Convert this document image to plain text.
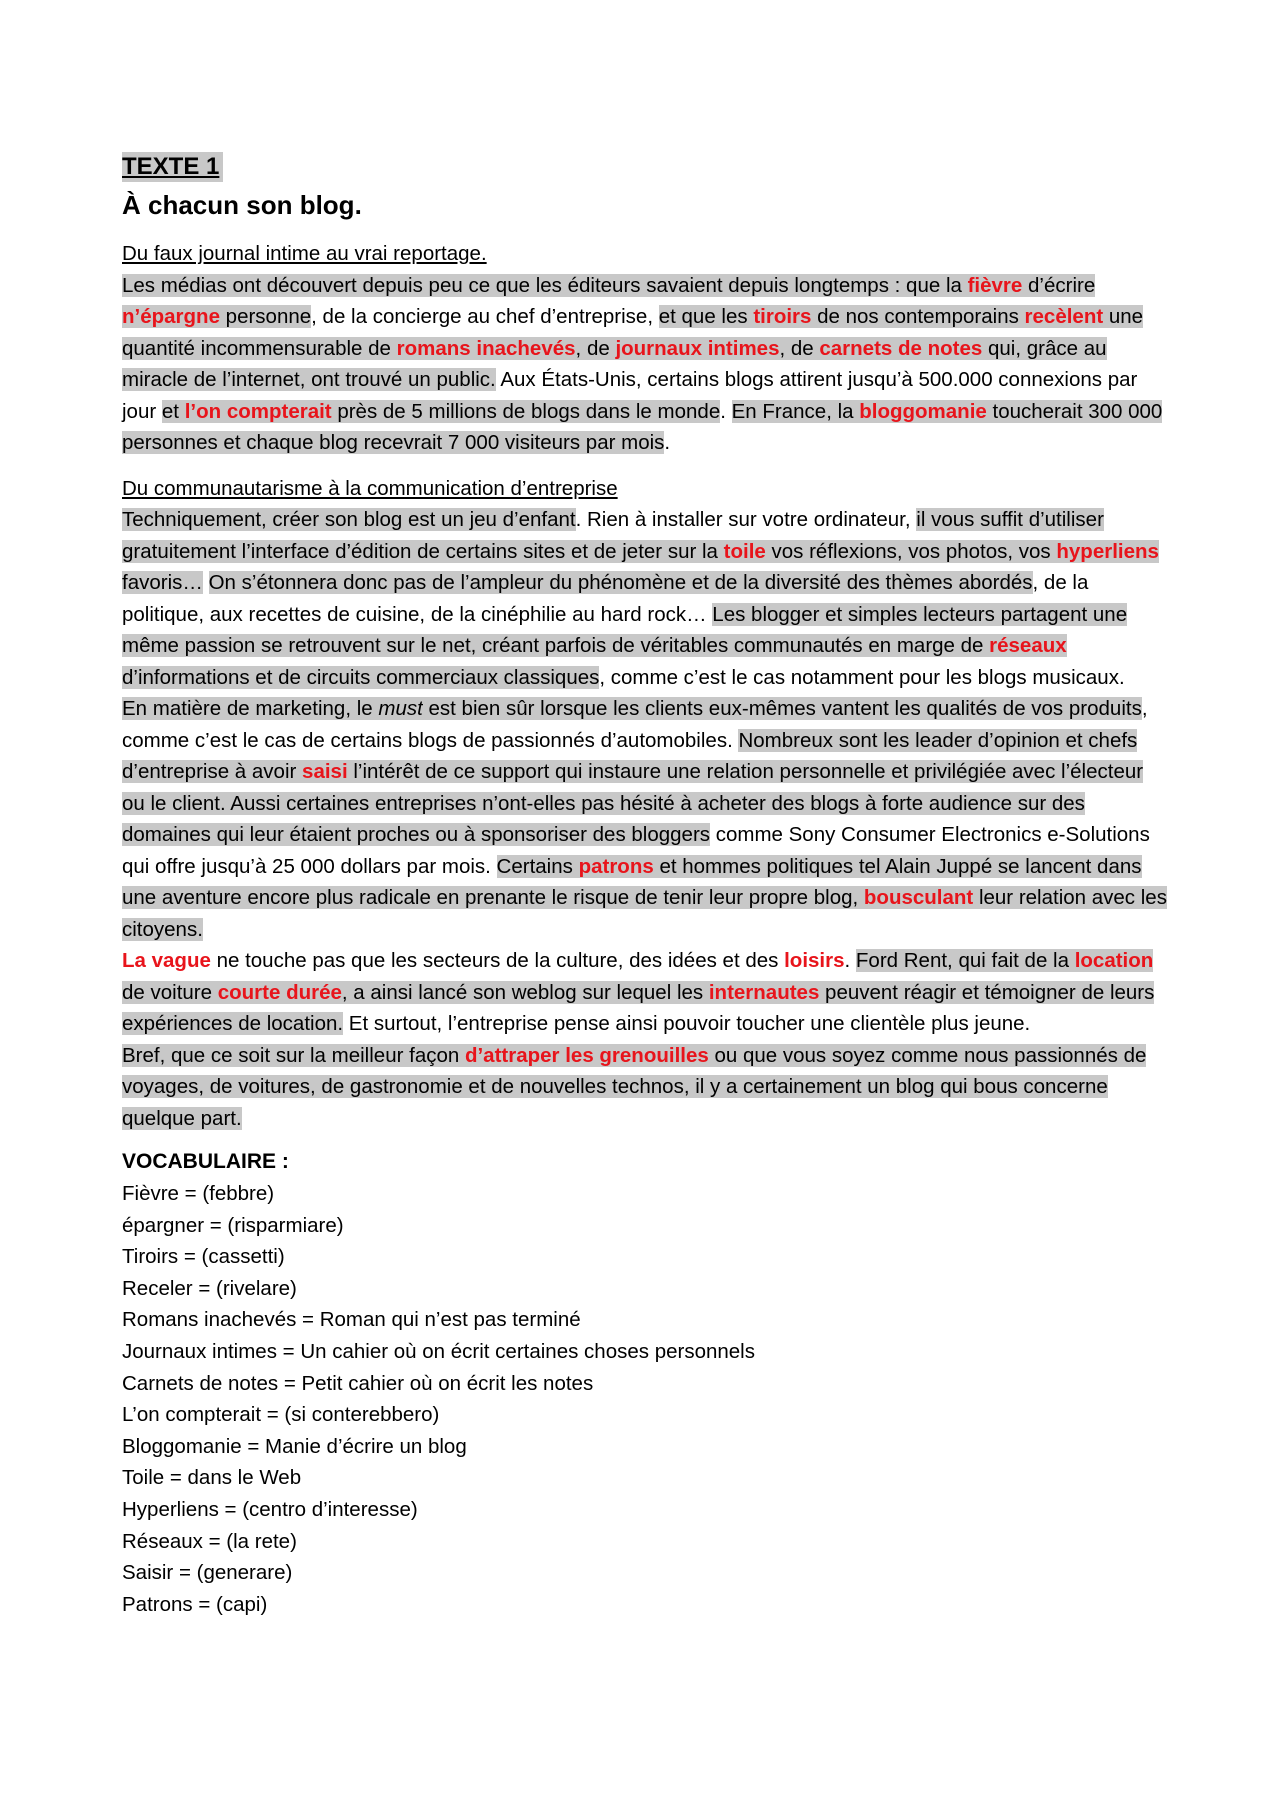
TEXTE 1
À chacun son blog.
Du faux journal intime au vrai reportage.
Les médias ont découvert depuis peu ce que les éditeurs savaient depuis longtemps : que la fièvre d’écrire n’épargne personne, de la concierge au chef d’entreprise, et que les tiroirs de nos contemporains recèlent une quantité incommensurable de romans inachevés, de journaux intimes, de carnets de notes qui, grâce au miracle de l’internet, ont trouvé un public. Aux États-Unis, certains blogs attirent jusqu’à 500.000 connexions par jour et l’on compterait près de 5 millions de blogs dans le monde. En France, la bloggomanie toucherait 300 000 personnes et chaque blog recevrait 7 000 visiteurs par mois.
Du communautarisme à la communication d’entreprise
Techniquement, créer son blog est un jeu d’enfant. Rien à installer sur votre ordinateur, il vous suffit d’utiliser gratuitement l’interface d’édition de certains sites et de jeter sur la toile vos réflexions, vos photos, vos hyperliens favoris… On s’étonnera donc pas de l’ampleur du phénomène et de la diversité des thèmes abordés, de la politique, aux recettes de cuisine, de la cinéphilie au hard rock… Les blogger et simples lecteurs partagent une même passion se retrouvent sur le net, créant parfois de véritables communautés en marge de réseaux d’informations et de circuits commerciaux classiques, comme c’est le cas notamment pour les blogs musicaux.
En matière de marketing, le must est bien sûr lorsque les clients eux-mêmes vantent les qualités de vos produits, comme c’est le cas de certains blogs de passionnés d’automobiles. Nombreux sont les leader d’opinion et chefs d’entreprise à avoir saisi l’intérêt de ce support qui instaure une relation personnelle et privilégiée avec l’électeur ou le client. Aussi certaines entreprises n’ont-elles pas hésité à acheter des blogs à forte audience sur des domaines qui leur étaient proches ou à sponsoriser des bloggers comme Sony Consumer Electronics e-Solutions qui offre jusqu’à 25 000 dollars par mois. Certains patrons et hommes politiques tel Alain Juppé se lancent dans une aventure encore plus radicale en prenante le risque de tenir leur propre blog, bousculant leur relation avec les citoyens.
La vague ne touche pas que les secteurs de la culture, des idées et des loisirs. Ford Rent, qui fait de la location de voiture courte durée, a ainsi lancé son weblog sur lequel les internautes peuvent réagir et témoigner de leurs expériences de location. Et surtout, l’entreprise pense ainsi pouvoir toucher une clientèle plus jeune.
Bref, que ce soit sur la meilleur façon d’attraper les grenouilles ou que vous soyez comme nous passionnés de voyages, de voitures, de gastronomie et de nouvelles technos, il y a certainement un blog qui bous concerne quelque part.
VOCABULAIRE :
Fièvre = (febbre)
épargner = (risparmiare)
Tiroirs = (cassetti)
Receler = (rivelare)
Romans inachevés = Roman qui n’est pas terminé
Journaux intimes = Un cahier où on écrit certaines choses personnels
Carnets de notes = Petit cahier où on écrit les notes
L’on compterait = (si conterebbero)
Bloggomanie = Manie d’écrire un blog
Toile = dans le Web
Hyperliens = (centro d’interesse)
Réseaux = (la rete)
Saisir = (generare)
Patrons = (capi)
